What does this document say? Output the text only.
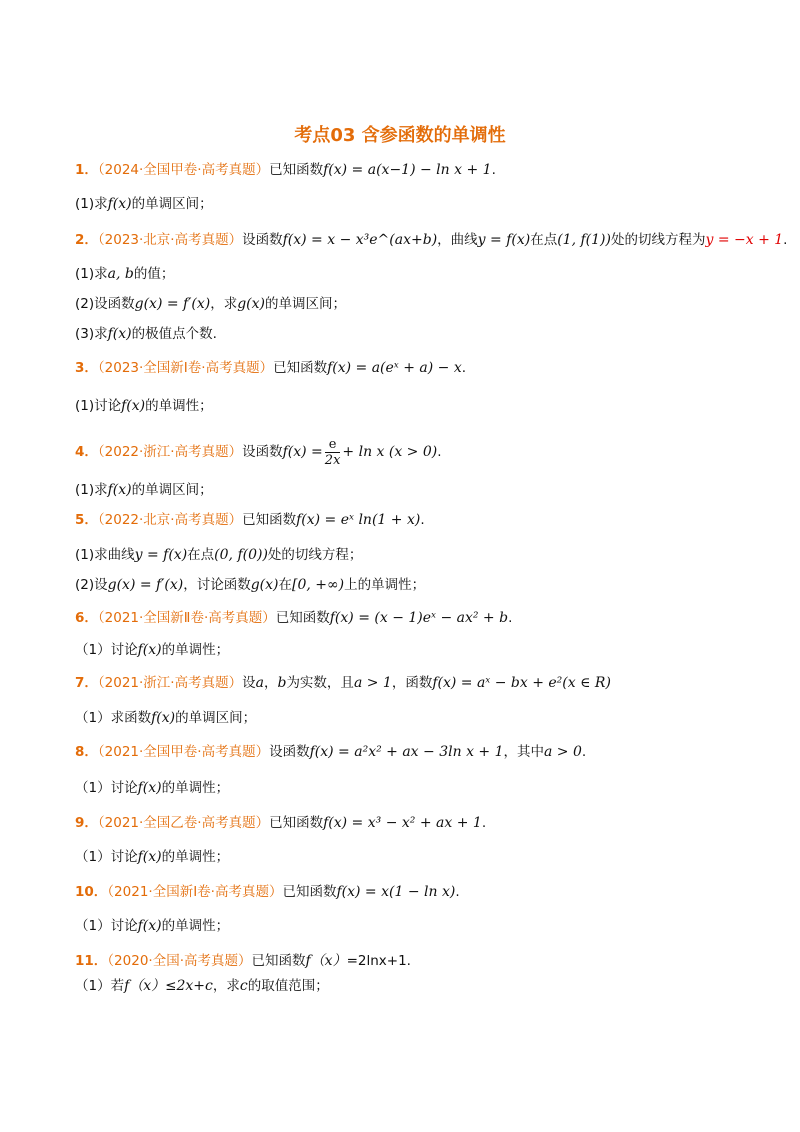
考点03 含参函数的单调性
1．（2024·全国甲卷·高考真题）已知函数f(x) = a(x−1) − ln x + 1.
(1)求f(x)的单调区间；
2．（2023·北京·高考真题）设函数f(x) = x − x³e^(ax+b)，曲线y = f(x)在点(1, f(1))处的切线方程为y = −x + 1.
(1)求a, b的值；
(2)设函数g(x) = f′(x)，求g(x)的单调区间；
(3)求f(x)的极值点个数.
3．（2023·全国新Ⅰ卷·高考真题）已知函数f(x) = a(eˣ + a) − x.
(1)讨论f(x)的单调性；
4．（2022·浙江·高考真题）设函数$f(x) = \frac{e}{2x} + \ln x$ (x > 0).
(1)求f(x)的单调区间；
5．（2022·北京·高考真题）已知函数f(x) = eˣ ln(1 + x).
(1)求曲线y = f(x)在点(0, f(0))处的切线方程；
(2)设g(x) = f′(x)，讨论函数g(x)在[0, +∞)上的单调性；
6．（2021·全国新Ⅱ卷·高考真题）已知函数f(x) = (x − 1)eˣ − ax² + b.
（1）讨论f(x)的单调性；
7．（2021·浙江·高考真题）设a，b为实数，且a > 1，函数f(x) = aˣ − bx + e²(x ∈ R)
（1）求函数f(x)的单调区间；
8．（2021·全国甲卷·高考真题）设函数f(x) = a²x² + ax − 3ln x + 1，其中a > 0.
（1）讨论f(x)的单调性；
9．（2021·全国乙卷·高考真题）已知函数f(x) = x³ − x² + ax + 1.
（1）讨论f(x)的单调性；
10．（2021·全国新Ⅰ卷·高考真题）已知函数f(x) = x(1 − ln x).
（1）讨论f(x)的单调性；
11．（2020·全国·高考真题）已知函数f（x）=2lnx+1.
（1）若f（x）≤2x+c，求c的取值范围；
